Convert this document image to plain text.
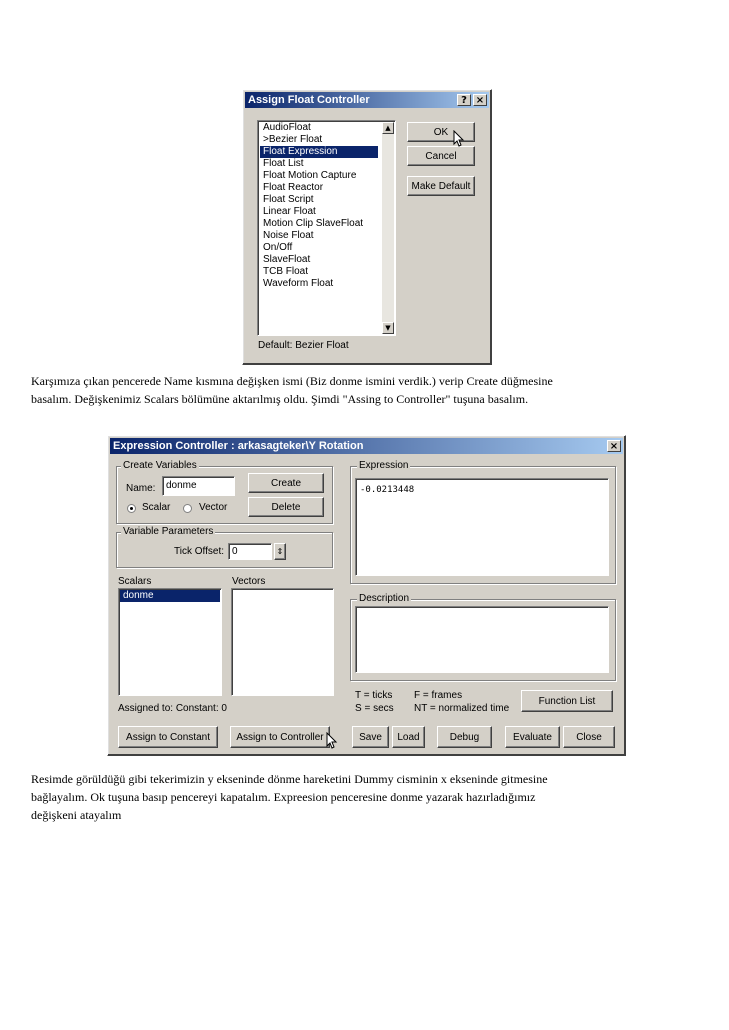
Assign Float Controller	? ×
AudioFloat
>Bezier Float
Float Expression
Float List
Float Motion Capture
Float Reactor
Float Script
Linear Float
Motion Clip SlaveFloat
Noise Float
On/Off
SlaveFloat
TCB Float
Waveform Float
▲
▼
OK
Cancel
Make Default
Default: Bezier Float
Karşımıza çıkan pencerede Name kısmına değişken ismi (Biz donme ismini verdik.) verip Create düğmesine
basalım. Değişkenimiz Scalars bölümüne aktarılmış oldu. Şimdi "Assing to Controller" tuşuna basalım.
Expression Controller : arkasagteker\Y Rotation	×
Create Variables
Name: donme	Create
Delete
Scalar	Vector
Variable Parameters
Tick Offset: 0	⇕
Scalars	Vectors
donme
Assigned to: Constant: 0
Expression
-0.0213448
Description
T = ticks F = frames
S = secs NT = normalized time
Function List
Assign to Constant	Assign to Controller	Save	Load	Debug	Evaluate	Close
Resimde görüldüğü gibi tekerimizin y ekseninde dönme hareketini Dummy cisminin x ekseninde gitmesine
bağlayalım. Ok tuşuna basıp pencereyi kapatalım. Expreesion penceresine donme yazarak hazırladığımız
değişkeni atayalım
